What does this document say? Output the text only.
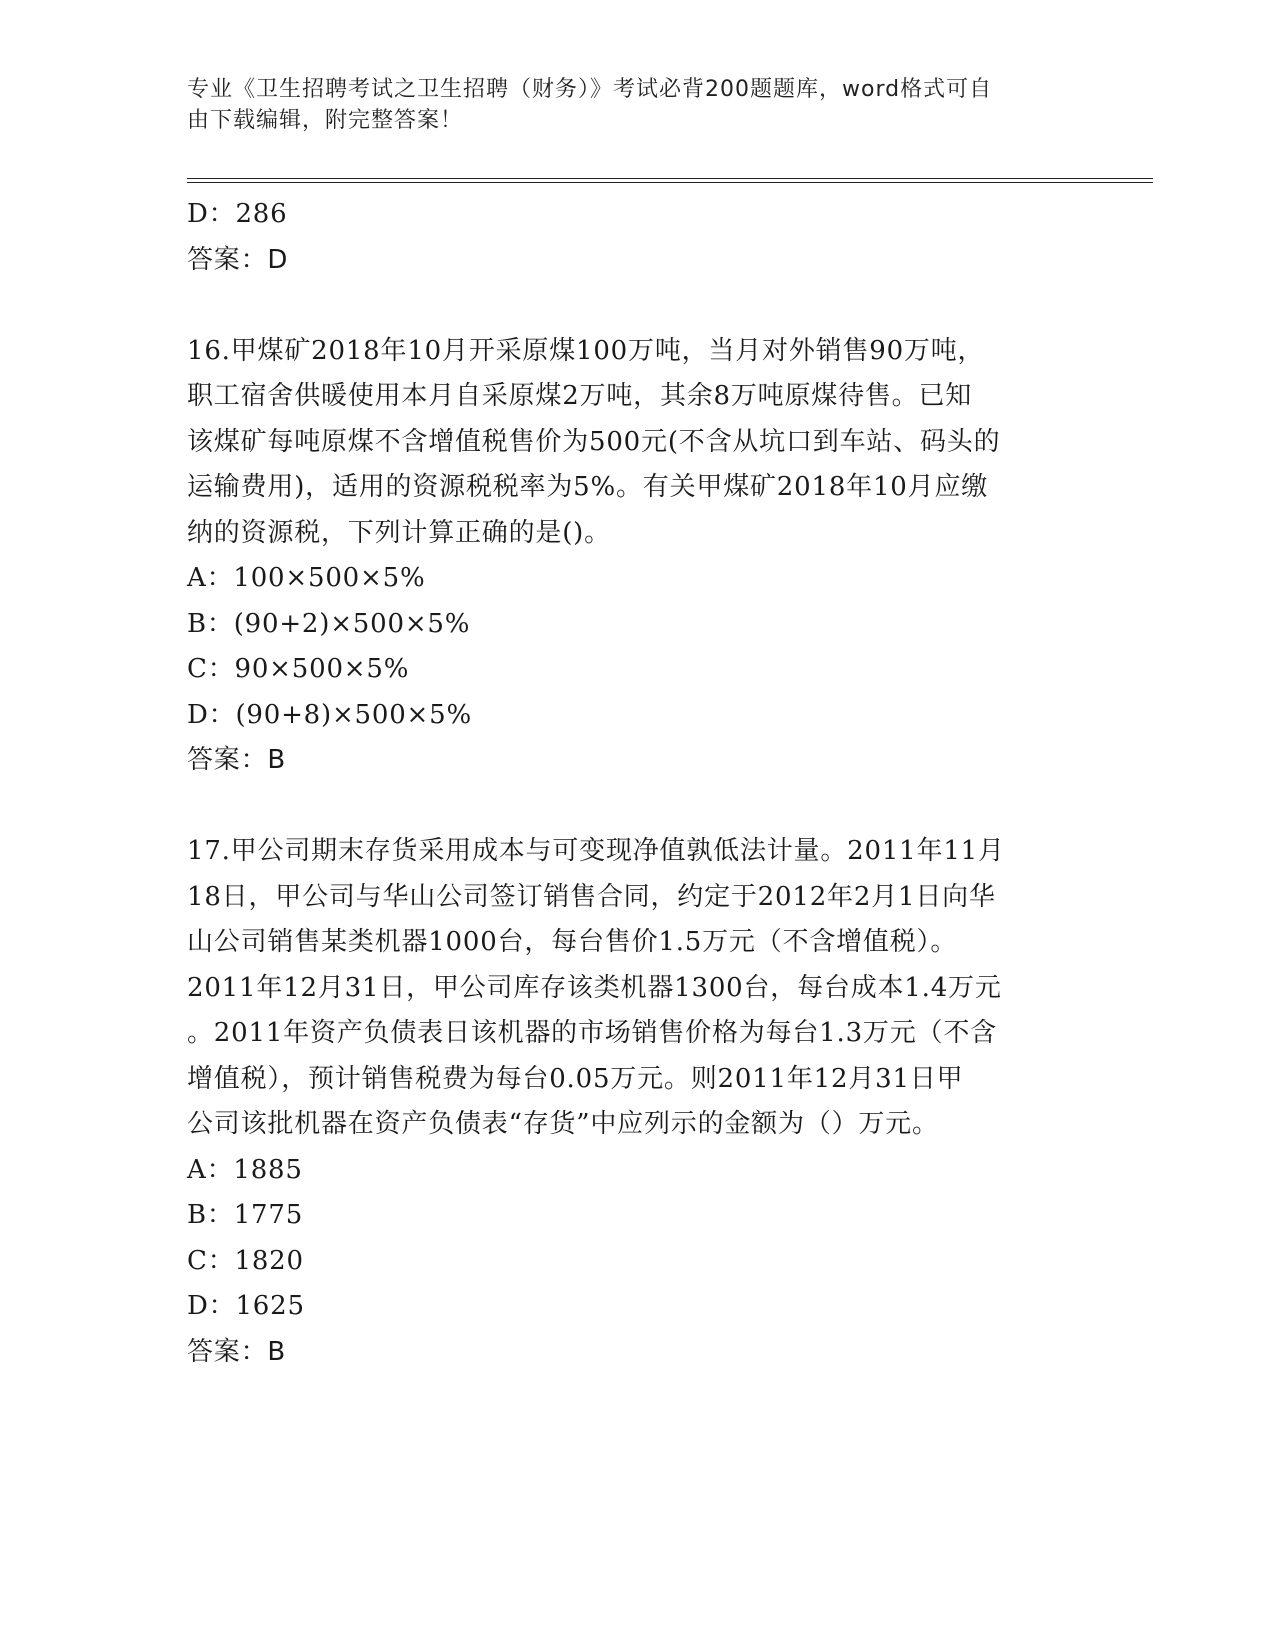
专业《卫生招聘考试之卫生招聘（财务）》考试必背200题题库，word格式可自
由下载编辑，附完整答案！
D：286
答案：D
16.甲煤矿2018年10月开采原煤100万吨，当月对外销售90万吨，
职工宿舍供暖使用本月自采原煤2万吨，其余8万吨原煤待售。已知
该煤矿每吨原煤不含增值税售价为500元(不含从坑口到车站、码头的
运输费用)，适用的资源税税率为5%。有关甲煤矿2018年10月应缴
纳的资源税，下列计算正确的是()。
A：100×500×5%
B：(90+2)×500×5%
C：90×500×5%
D：(90+8)×500×5%
答案：B
17.甲公司期末存货采用成本与可变现净值孰低法计量。2011年11月
18日，甲公司与华山公司签订销售合同，约定于2012年2月1日向华
山公司销售某类机器1000台，每台售价1.5万元（不含增值税）。
2011年12月31日，甲公司库存该类机器1300台，每台成本1.4万元
。2011年资产负债表日该机器的市场销售价格为每台1.3万元（不含
增值税），预计销售税费为每台0.05万元。则2011年12月31日甲
公司该批机器在资产负债表“存货”中应列示的金额为（）万元。
A：1885
B：1775
C：1820
D：1625
答案：B
